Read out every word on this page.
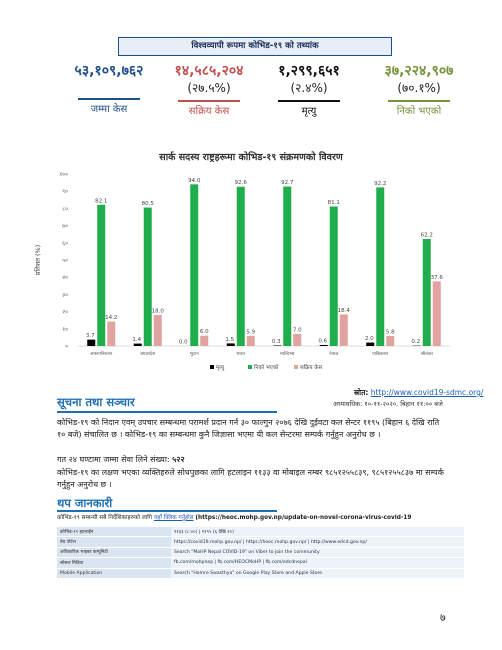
विश्वव्यापी रूपमा कोभिड-१९ को तथ्यांक
५३,१०९,७६२
जम्मा केस
१४,५८५,२०४
(२७.५%)
सक्रिय केस
१,२९९,६५१
(२.४%)
मृत्यु
३७,२२४,९०७
(७०.१%)
निको भएको
सार्क सदस्य राष्ट्रहरूमा कोभिड-१९ संक्रमणको विवरण
०
१०
२०
३०
४०
५०
६०
७०
८०
९०
१००
प्रतिशत (%)
3.7
82.1
14.2
अफगानिस्तान
1.4
80.5
18.0
बंगलादेश
0.0
94.0
6.0
भुटान
1.5
92.6
5.9
भारत
0.3
92.7
7.0
माल्दिभ्स
0.6
81.1
18.4
नेपाल
2.0
92.2
5.8
पाकिस्तान
0.2
62.2
37.6
श्रीलंका
मृत्यु	निको भएको	सक्रिय केस
स्रोत: http://www.covid19-sdmc.org/
अध्यावधिक: १०-११-२०२०, बिहान ११:०० बजे
सूचना तथा सञ्चार
कोभिड-१९ को निदान एवम् उपचार सम्बन्धमा परामर्श प्रदान गर्न ३० फाल्गुन २०७६ देखि दुईवटा कल सेन्टर ११९५ (बिहान ६ देखि राति १० बजे) संचालित छ । कोभिड-१९ का सम्बन्धमा कुनै जिज्ञासा भएमा यी कल सेन्टरमा सम्पर्क गर्नुहुन अनुरोध छ ।
गत २४ घण्टामा जम्मा सेवा लिने संख्या: ५२२
कोभिड-१९ का लक्षण भएका व्यक्तिहरुले सोधपुछका लागि हटलाइन ११३३ वा मोबाइल नम्बर ९८५१२५५८३९, ९८५१२५५८३७ मा सम्पर्क गर्नुहुन अनुरोध छ ।
थप जानकारी
कोभिड-१९ सम्बन्धी सबै निर्देशिकाहरुको लागि यहाँ क्लिक गर्नुहोस (https://heoc.mohp.gov.np/update-on-novel-corona-virus-covid-19
कोभिड-१९ हटलाईन	११३३ (८:००) | ११९५ (६ देखि १०)
वेब पोर्टल	https://covid19.mohp.gov.np/ | https://heoc.mohp.gov.np/ | http://www.edcd.gov.np/
अधिकारिक भाइबर कम्युनिटी	Search "MoHP Nepal COVID-19" on Viber to join the community
सोसल मिडिया	fb.com/mohpnep | fb.com/HEOCMoHP | fb.com/edcdnepal
Mobile Application	Search "Hamro Swasthya" on Google Play Store and Apple Store
७
